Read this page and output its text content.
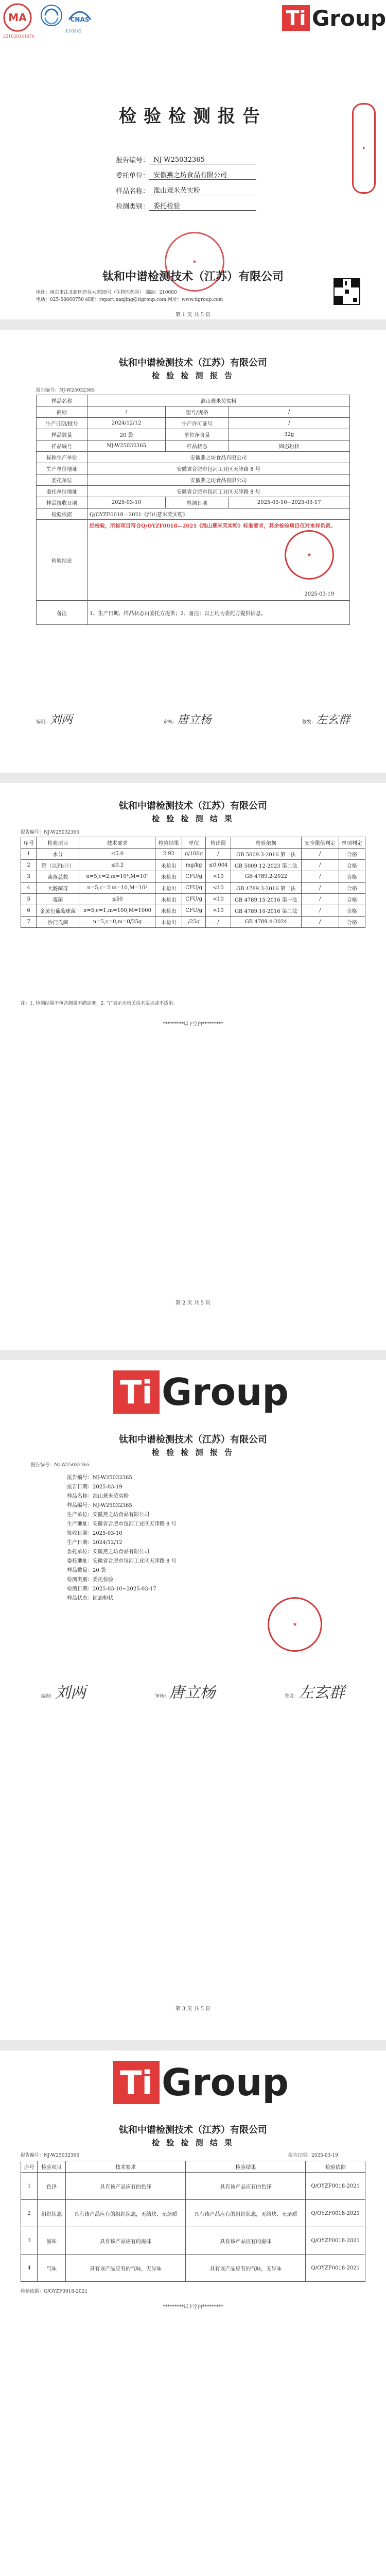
MA
221020341676
CNAS
L10342
Ti Group
检验检测报告
报告编号： NJ-W25032365
委托单位： 安徽燕之坊食品有限公司
样品名称： 淮山薏米芡实粉
检测类别： 委托检验
✦
★
钛和中谱检测技术（江苏）有限公司
地址：南京市江北新区药谷大道99号（生物医药谷） 邮编：210000
电话：025-58860750 邮箱：report.nanjing@tigroup.com 网址：www.tigroup.com
第 1 页 共 5 页
钛和中谱检测技术（江苏）有限公司
检 验 检 测 报 告
报告编号：NJ-W25032365
样品名称	淮山薏米芡实粉		
商标	/	型号/规格	/
生产日期/批号	2024/12/12	生产许可证号	/
样品数量	20 袋	单位净含量	32g
样品编号	NJ-W25032365	样品状态	固态粉状
标称生产单位	安徽燕之坊食品有限公司		
生产单位地址	安徽省合肥市包河工业区天津路 8 号		
委托单位	安徽燕之坊食品有限公司		
委托单位地址	安徽省合肥市包河工业区天津路 8 号		
样品接收日期	2025-03-10	检测日期	2025-03-10~2025-03-17
检验依据	Q/OYZF0018—2021《淮山薏米芡实粉》		
检验结论	经检验，所检项目符合Q/OYZF0018—2021《淮山薏米芡实粉》标准要求，其余检验项目仅对来样负责。
★
2025-03-19		

备注	1、生产日期、样品状态由委托方提供；2、备注：以上均为委托方提供信息。		
编制：刘两	审核：唐立杨	签发：左玄群
钛和中谱检测技术（江苏）有限公司
检 验 检 测 结 果
报告编号：NJ-W25032365
序号	检验项目	技术要求	检验结果	单位	检出限	检验依据	安全限值判定	单项判定
1	水分	≤5.0	2.92	g/100g	/	GB 5009.3-2016 第一法	/	合格
2	铅（以Pb计）	≤0.2	未检出	mg/kg	≤0.004	GB 5009.12-2023 第二法	/	合格
3	菌落总数	n=5,c=2,m=10⁴,M=10⁵	未检出	CFU/g	<10	GB 4789.2-2022	/	合格
4	大肠菌群	n=5,c=2,m=10,M=10²	未检出	CFU/g	<10	GB 4789.3-2016 第二法	/	合格
5	霉菌	≤50	未检出	CFU/g	<10	GB 4789.15-2016 第一法	/	合格
6	金黄色葡萄球菌	n=5,c=1,m=100,M=1000	未检出	CFU/g	<10	GB 4789.10-2016 第二法	/	合格
7	沙门氏菌	n=5,c=0,m=0/25g	未检出	/25g	/	GB 4789.4-2024	/	合格
注：1. 检测结果不包含测量不确定度；2. “/”表示无相关技术要求或不适用。
*********以下空白*********
第 2 页 共 5 页
Ti Group
钛和中谱检测技术（江苏）有限公司
检 验 检 测 报 告
报告编号：NJ-W25032365
报告编号：NJ-W25032365
报告日期：2025-03-19
样品名称：淮山薏米芡实粉
样品编号：NJ-W25032365
生产单位：安徽燕之坊食品有限公司
生产地址：安徽省合肥市包河工业区天津路 8 号
接收日期：2025-03-10
生产日期：2024/12/12
委托单位：安徽燕之坊食品有限公司
委托地址：安徽省合肥市包河工业区天津路 8 号
样品数量：20 袋
检测类别：委托检验
检测日期：2025-03-10~2025-03-17
样品状态：固态粉状
★
编制：刘两	审核：唐立杨	签发：左玄群
第 3 页 共 5 页
Ti Group
钛和中谱检测技术（江苏）有限公司
检 验 检 测 结 果
报告编号：NJ-W25032365	报告日期：2025-03-19
序号	检验项目	技术要求	检验结果	检验依据
1	色泽	具有该产品应有的色泽	具有该产品应有的色泽	Q/OYZF0018-2021
2	组织状态	具有该产品应有的组织状态，无结块、无杂质	具有该产品应有的组织状态，无结块、无杂质	Q/OYZF0018-2021
3	滋味	具有该产品应有的滋味	具有该产品应有的滋味	Q/OYZF0018-2021
4	气味	具有该产品应有的气味，无异味	具有该产品应有的气味，无异味	Q/OYZF0018-2021
检验依据：Q/OYZF0018-2021
*********以下空白*********
